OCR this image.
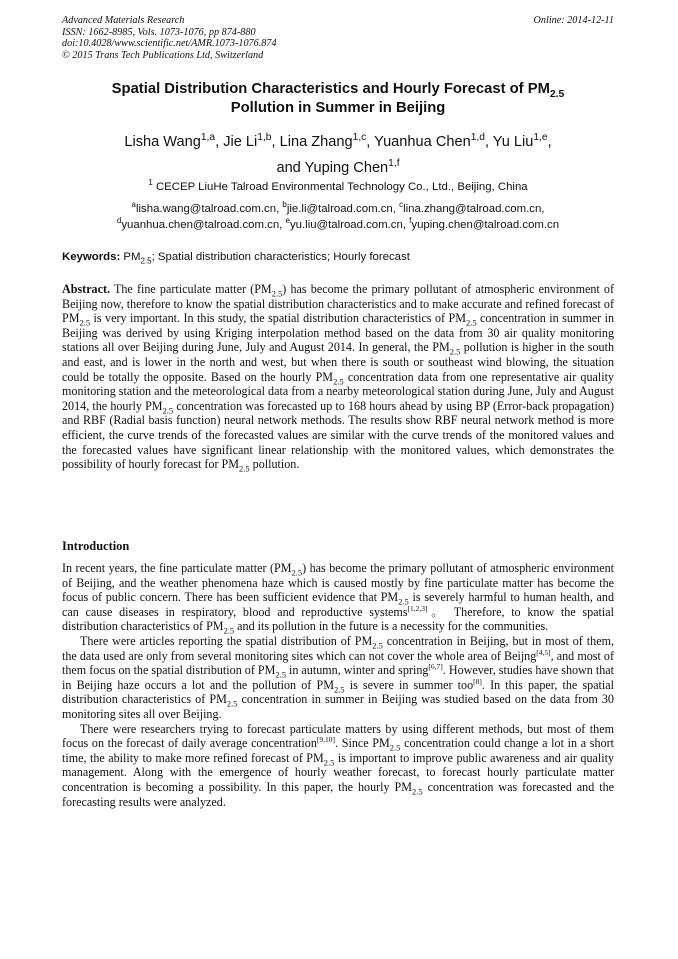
Advanced Materials Research
ISSN: 1662-8985, Vols. 1073-1076, pp 874-880
doi:10.4028/www.scientific.net/AMR.1073-1076.874
© 2015 Trans Tech Publications Ltd, Switzerland
Online: 2014-12-11
Spatial Distribution Characteristics and Hourly Forecast of $PM_{2.5}$
Pollution in Summer in Beijing
Lisha Wang$^{1,a}$, Jie Li$^{1,b}$, Lina Zhang$^{1,c}$, Yuanhua Chen$^{1,d}$, Yu Liu$^{1,e}$,
and Yuping Chen$^{1,f}$
$^1$ CECEP LiuHe Talroad Environmental Technology Co., Ltd., Beijing, China
$^a$lisha.wang@talroad.com.cn, $^b$jie.li@talroad.com.cn, $^c$lina.zhang@talroad.com.cn,
$^d$yuanhua.chen@talroad.com.cn, $^e$yu.liu@talroad.com.cn, $^f$yuping.chen@talroad.com.cn
Keywords: $PM_{2.5}$; Spatial distribution characteristics; Hourly forecast

Abstract. The fine particulate matter $(PM_{2.5})$ has become the primary pollutant of atmospheric environment of Beijing now, therefore to know the spatial distribution characteristics and to make accurate and refined forecast of $PM_{2.5}$ is very important. In this study, the spatial distribution characteristics of $PM_{2.5}$ concentration in summer in Beijing was derived by using Kriging interpolation method based on the data from 30 air quality monitoring stations all over Beijing during June, July and August 2014. In general, the $PM_{2.5}$ pollution is higher in the south and east, and is lower in the north and west, but when there is south or southeast wind blowing, the situation could be totally the opposite. Based on the hourly $PM_{2.5}$ concentration data from one representative air quality monitoring station and the meteorological data from a nearby meteorological station during June, July and August 2014, the hourly $PM_{2.5}$ concentration was forecasted up to 168 hours ahead by using BP (Error-back propagation) and RBF (Radial basis function) neural network methods. The results show RBF neural network method is more efficient, the curve trends of the forecasted values are similar with the curve trends of the monitored values and the forecasted values have significant linear relationship with the monitored values, which demonstrates the possibility of hourly forecast for $PM_{2.5}$ pollution.

Introduction

In recent years, the fine particulate matter $(PM_{2.5})$ has become the primary pollutant of atmospheric environment of Beijing, and the weather phenomena haze which is caused mostly by fine particulate matter has become the focus of public concern. There has been sufficient evidence that $PM_{2.5}$ is severely harmful to human health, and can cause diseases in respiratory, blood and reproductive systems[1,2,3]。 Therefore, to know the spatial distribution characteristics of $PM_{2.5}$ and its pollution in the future is a necessity for the communities.

There were articles reporting the spatial distribution of $PM_{2.5}$ concentration in Beijing, but in most of them, the data used are only from several monitoring sites which can not cover the whole area of Beijng[4,5], and most of them focus on the spatial distribution of $PM_{2.5}$ in autumn, winter and spring[6,7]. However, studies have shown that in Beijing haze occurs a lot and the pollution of $PM_{2.5}$ is severe in summer too[8]. In this paper, the spatial distribution characteristics of $PM_{2.5}$ concentration in summer in Beijing was studied based on the data from 30 monitoring sites all over Beijing.

There were researchers trying to forecast particulate matters by using different methods, but most of them focus on the forecast of daily average concentration[9,10]. Since $PM_{2.5}$ concentration could change a lot in a short time, the ability to make more refined forecast of $PM_{2.5}$ is important to improve public awareness and air quality management. Along with the emergence of hourly weather forecast, to forecast hourly particulate matter concentration is becoming a possibility. In this paper, the hourly $PM_{2.5}$ concentration was forecasted and the forecasting results were analyzed.
